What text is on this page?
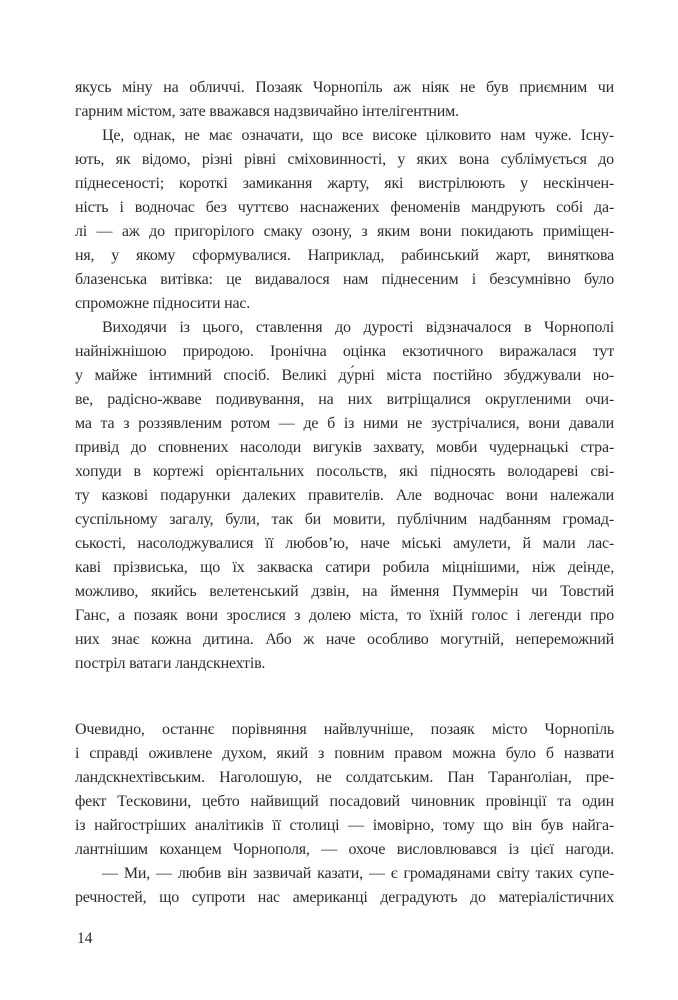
якусь міну на обличчі. Позаяк Чорнопіль аж ніяк не був приємним чи
гарним містом, зате вважався надзвичайно інтелігентним.

Це, однак, не має означати, що все високе цілковито нам чуже. Існу-
ють, як відомо, різні рівні сміховинності, у яких вона сублімується до
піднесеності; короткі замикання жарту, які вистрілюють у нескінчен-
ність і водночас без чуттєво наснажених феноменів мандрують собі да-
лі — аж до пригорілого смаку озону, з яким вони покидають приміщен-
ня, у якому сформувалися. Наприклад, рабинський жарт, виняткова
блазенська витівка: це видавалося нам піднесеним і безсумнівно було
спроможне підносити нас.

Виходячи із цього, ставлення до дурості відзначалося в Чорнополі
найніжнішою природою. Іронічна оцінка екзотичного виражалася тут
у майже інтимний спосіб. Великі ду́рні міста постійно збуджували но-
ве, радісно-жваве подивування, на них витріщалися округленими очи-
ма та з роззявленим ротом — де б із ними не зустрічалися, вони давали
привід до сповнених насолоди вигуків захвату, мовби чудернацькі стра-
хопуди в кортежі орієнтальних посольств, які підносять володареві сві-
ту казкові подарунки далеких правителів. Але водночас вони належали
суспільному загалу, були, так би мовити, публічним надбанням громад-
ськості, насолоджувалися її любов’ю, наче міські амулети, й мали лас-
каві прізвиська, що їх закваска сатири робила міцнішими, ніж деінде,
можливо, якийсь велетенський дзвін, на ймення Пуммерін чи Товстий
Ганс, а позаяк вони зрослися з долею міста, то їхній голос і легенди про
них знає кожна дитина. Або ж наче особливо могутній, непереможний
постріл ватаги ландскнехтів.

Очевидно, останнє порівняння найвлучніше, позаяк місто Чорнопіль
і справді оживлене духом, який з повним правом можна було б назвати
ландскнехтівським. Наголошую, не солдатським. Пан Таранґоліан, пре-
фект Тесковини, цебто найвищий посадовий чиновник провінції та один
із найгостріших аналітиків її столиці — імовірно, тому що він був найга-
лантнішим коханцем Чорнополя, — охоче висловлювався із цієї нагоди.

— Ми, — любив він зазвичай казати, — є громадянами світу таких супе-
речностей, що супроти нас американці деградують до матеріалістичних

14
